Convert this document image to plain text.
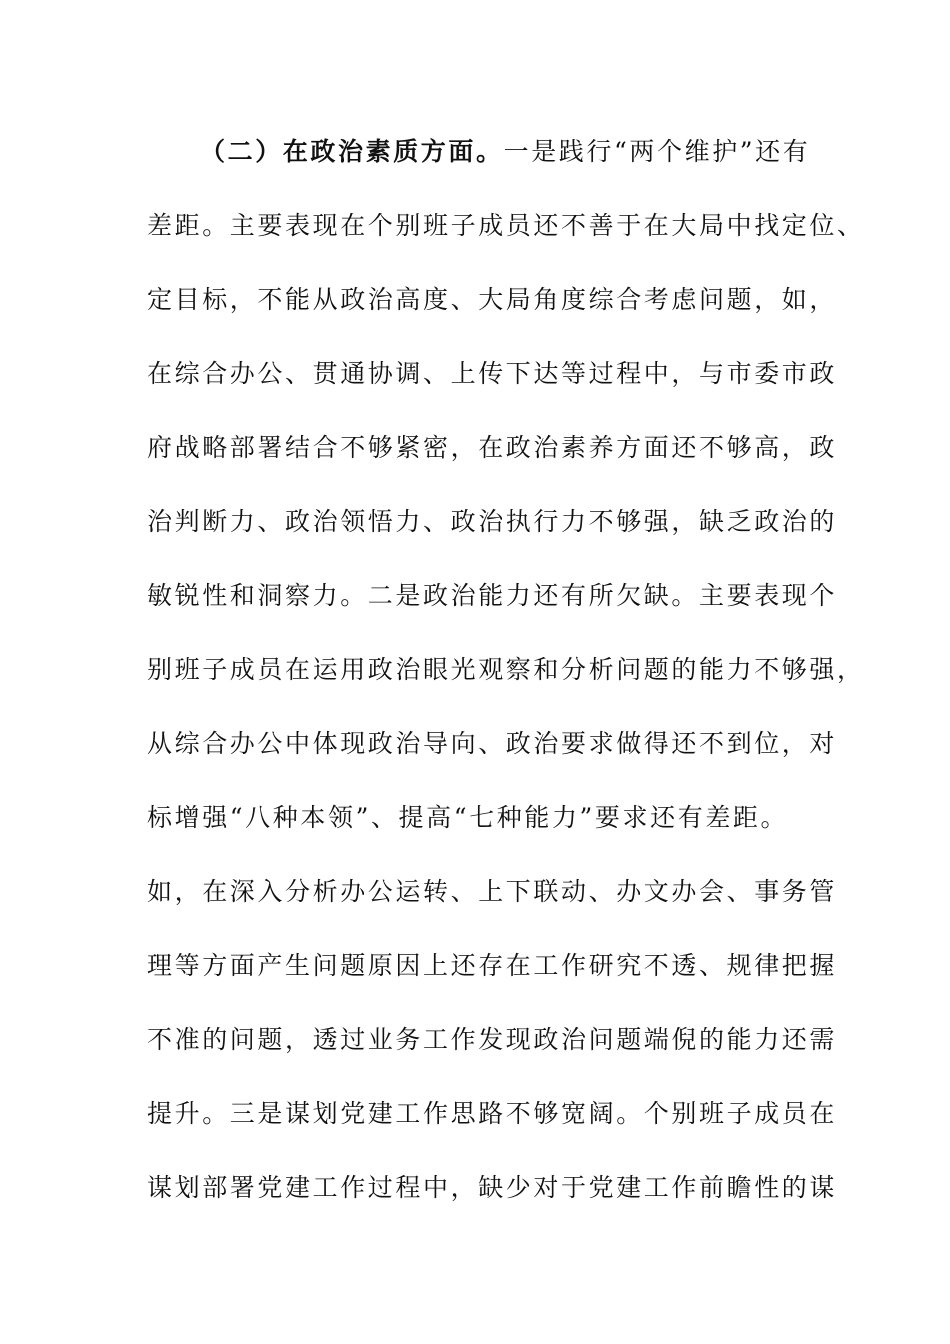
（二）在政治素质方面。一是践行“两个维护”还有
差距。主要表现在个别班子成员还不善于在大局中找定位、
定目标，不能从政治高度、大局角度综合考虑问题，如，
在综合办公、贯通协调、上传下达等过程中，与市委市政
府战略部署结合不够紧密，在政治素养方面还不够高，政
治判断力、政治领悟力、政治执行力不够强，缺乏政治的
敏锐性和洞察力。二是政治能力还有所欠缺。主要表现个
别班子成员在运用政治眼光观察和分析问题的能力不够强，
从综合办公中体现政治导向、政治要求做得还不到位，对
标增强“八种本领”、提高“七种能力”要求还有差距。
如，在深入分析办公运转、上下联动、办文办会、事务管
理等方面产生问题原因上还存在工作研究不透、规律把握
不准的问题，透过业务工作发现政治问题端倪的能力还需
提升。三是谋划党建工作思路不够宽阔。个别班子成员在
谋划部署党建工作过程中，缺少对于党建工作前瞻性的谋
